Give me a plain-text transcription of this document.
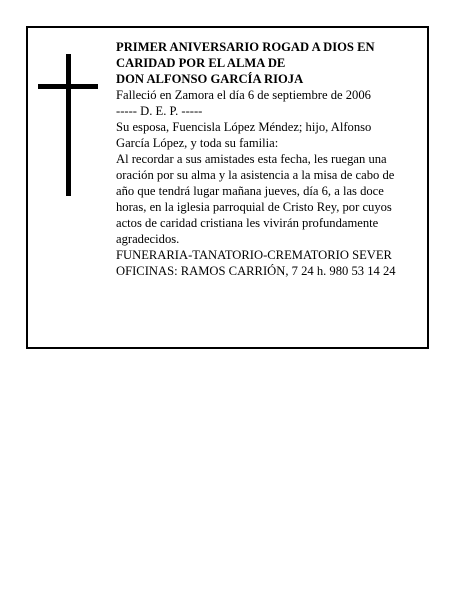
PRIMER ANIVERSARIO ROGAD A DIOS EN
CARIDAD POR EL ALMA DE
DON ALFONSO GARCÍA RIOJA
Falleció en Zamora el día 6 de septiembre de 2006
----- D. E. P. -----
Su esposa, Fuencisla López Méndez; hijo, Alfonso
García López, y toda su familia:
Al recordar a sus amistades esta fecha, les ruegan una
oración por su alma y la asistencia a la misa de cabo de
año que tendrá lugar mañana jueves, día 6, a las doce
horas, en la iglesia parroquial de Cristo Rey, por cuyos
actos de caridad cristiana les vivirán profundamente
agradecidos.
FUNERARIA-TANATORIO-CREMATORIO SEVER
OFICINAS: RAMOS CARRIÓN, 7 24 h. 980 53 14 24
